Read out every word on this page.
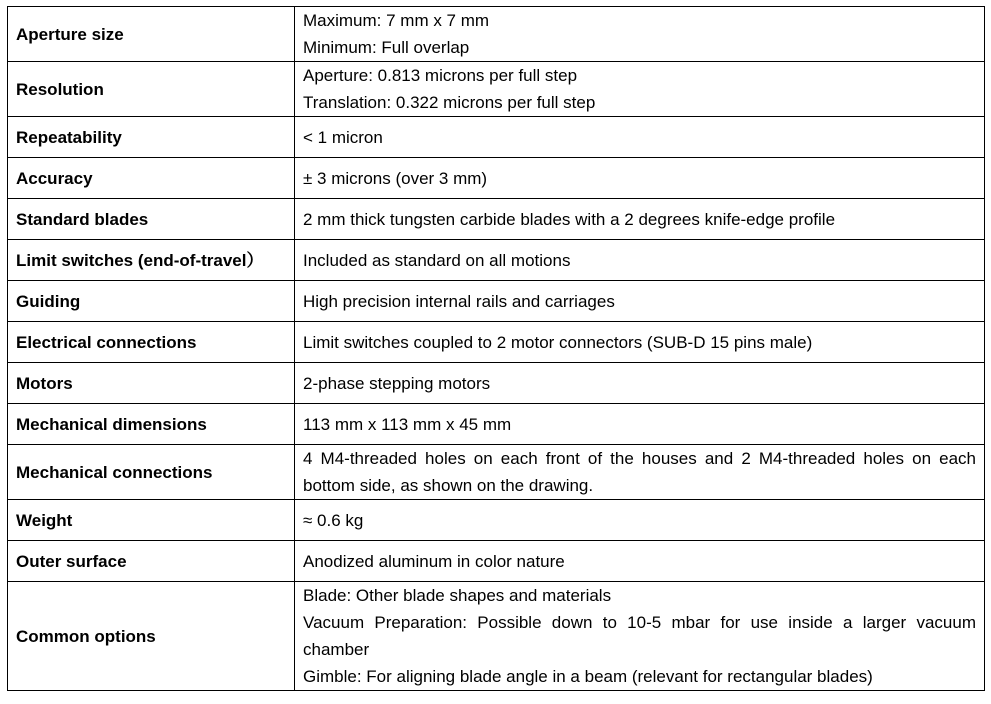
Aperture size	Maximum: 7 mm x 7 mm
Minimum: Full overlap

Resolution	Aperture: 0.813 microns per full step
Translation: 0.322 microns per full step

Repeatability	< 1 micron

Accuracy	± 3 microns (over 3 mm)

Standard blades	2 mm thick tungsten carbide blades with a 2 degrees knife-edge profile

Limit switches (end-of-travel）	Included as standard on all motions

Guiding	High precision internal rails and carriages

Electrical connections	Limit switches coupled to 2 motor connectors (SUB-D 15 pins male)

Motors	2-phase stepping motors

Mechanical dimensions	113 mm x 113 mm x 45 mm

Mechanical connections	4 M4-threaded holes on each front of the houses and 2 M4-threaded holes on each bottom side, as shown on the drawing.

Weight	≈ 0.6 kg

Outer surface	Anodized aluminum in color nature

Common options	Blade: Other blade shapes and materials
Vacuum Preparation: Possible down to 10-5 mbar for use inside a larger vacuum chamber
Gimble: For aligning blade angle in a beam (relevant for rectangular blades)
